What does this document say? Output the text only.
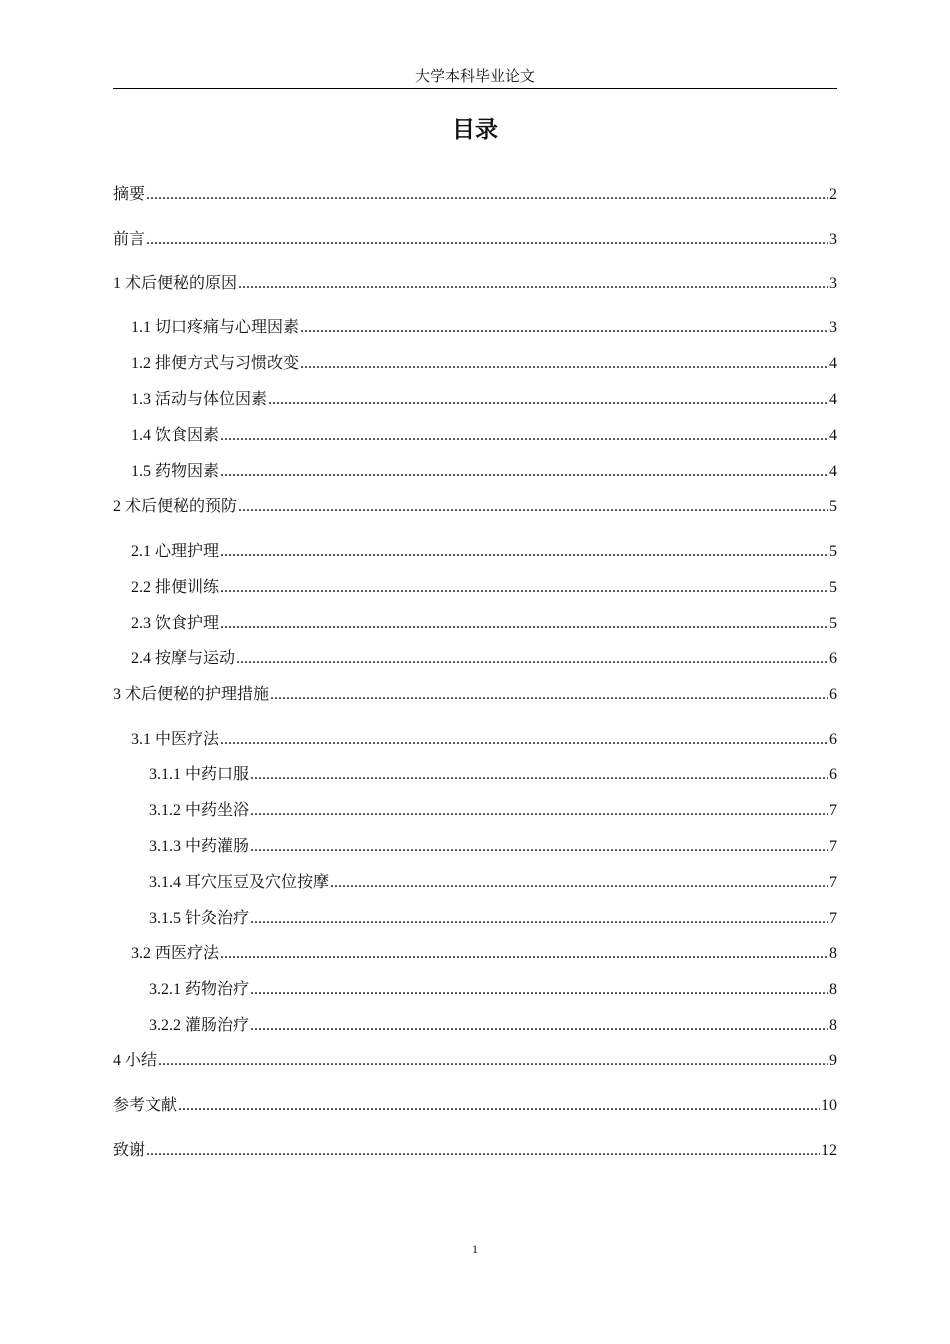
大学本科毕业论文
目录
摘要 .....	2
前言 .....	3
1 术后便秘的原因 .....	3
1.1 切口疼痛与心理因素 .....	3
1.2 排便方式与习惯改变 .....	4
1.3 活动与体位因素 .....	4
1.4 饮食因素 .....	4
1.5 药物因素 .....	4
2 术后便秘的预防 .....	5
2.1 心理护理 .....	5
2.2 排便训练 .....	5
2.3 饮食护理 .....	5
2.4 按摩与运动 .....	6
3 术后便秘的护理措施 .....	6
3.1 中医疗法 .....	6
3.1.1 中药口服 .....	6
3.1.2 中药坐浴 .....	7
3.1.3 中药灌肠 .....	7
3.1.4 耳穴压豆及穴位按摩 .....	7
3.1.5 针灸治疗 .....	7
3.2 西医疗法 .....	8
3.2.1 药物治疗 .....	8
3.2.2 灌肠治疗 .....	8
4 小结 .....	9
参考文献 .....	10
致谢 .....	12
1
